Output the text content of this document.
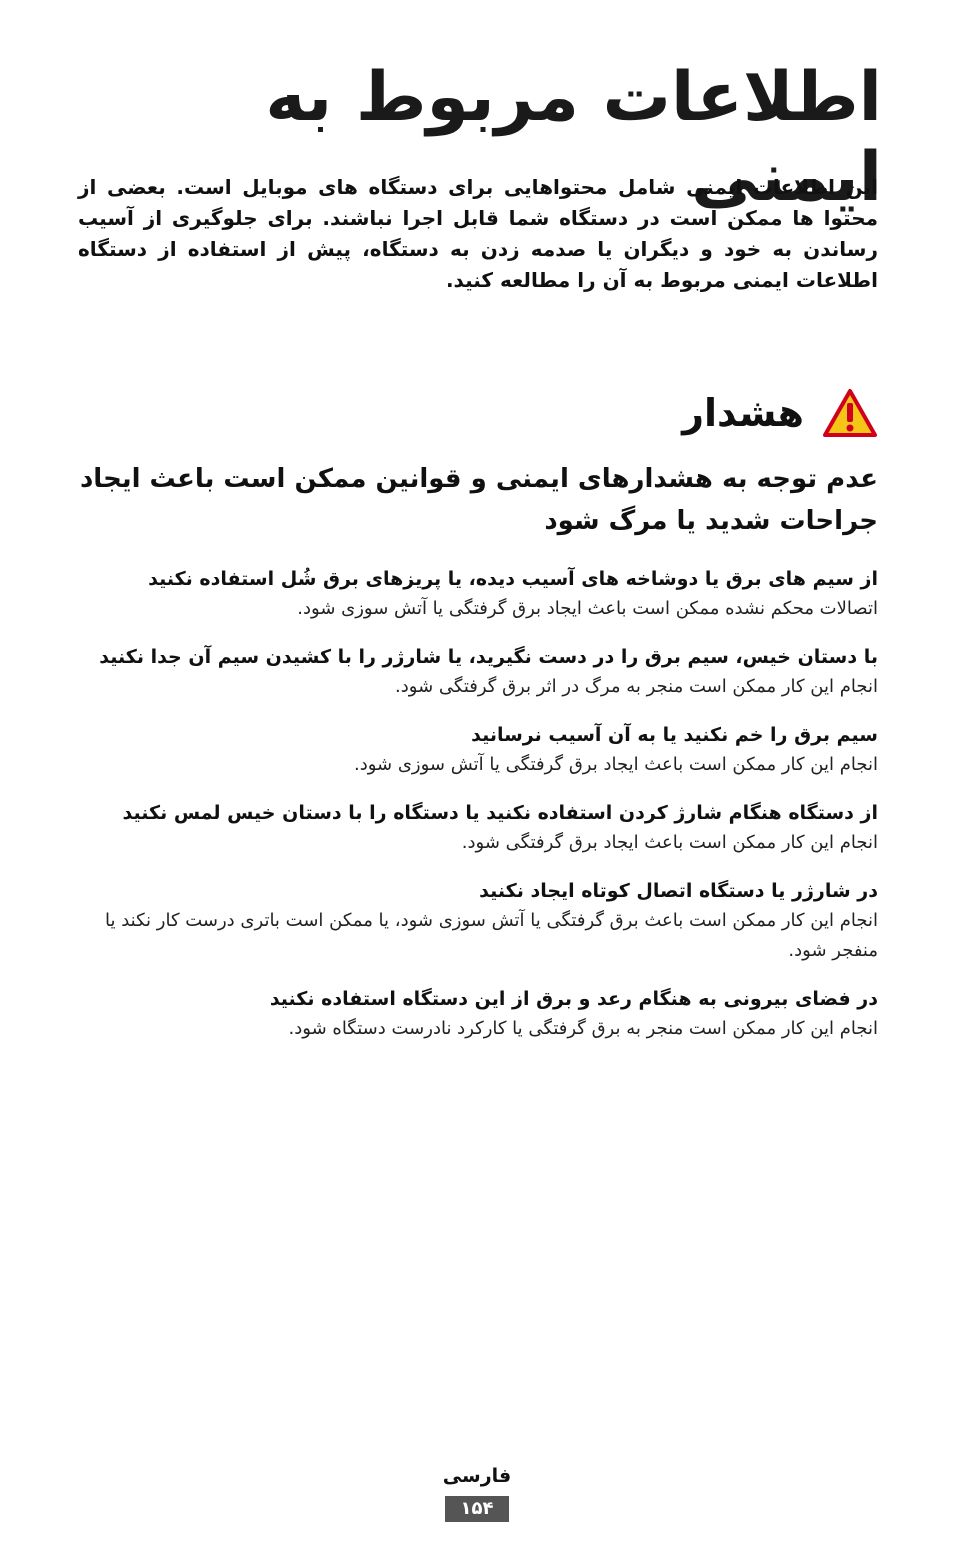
اطلاعات مربوط به ایمنی

این اطلاعات ایمنی شامل محتواهایی برای دستگاه های موبایل است. بعضی از محتوا ها ممکن است در دستگاه شما قابل اجرا نباشند. برای جلوگیری از آسیب رساندن به خود و دیگران یا صدمه زدن به دستگاه، پیش از استفاده از دستگاه اطلاعات ایمنی مربوط به آن را مطالعه کنید.

هشدار

عدم توجه به هشدارهای ایمنی و قوانین ممکن است باعث ایجاد جراحات شدید یا مرگ شود

از سیم های برق یا دوشاخه های آسیب دیده، یا پریزهای برق شُل استفاده نکنید

اتصالات محکم نشده ممکن است باعث ایجاد برق گرفتگی یا آتش سوزی شود.

با دستان خیس، سیم برق را در دست نگیرید، یا شارژر را با کشیدن سیم آن جدا نکنید

انجام این کار ممکن است منجر به مرگ در اثر برق گرفتگی شود.

سیم برق را خم نکنید یا به آن آسیب نرسانید

انجام این کار ممکن است باعث ایجاد برق گرفتگی یا آتش سوزی شود.

از دستگاه هنگام شارژ کردن استفاده نکنید یا دستگاه را با دستان خیس لمس نکنید

انجام این کار ممکن است باعث ایجاد برق گرفتگی شود.

در شارژر یا دستگاه اتصال کوتاه ایجاد نکنید

انجام این کار ممکن است باعث برق گرفتگی یا آتش سوزی شود، یا ممکن است باتری درست کار نکند یا منفجر شود.

در فضای بیرونی به هنگام رعد و برق از این دستگاه استفاده نکنید

انجام این کار ممکن است منجر به برق گرفتگی یا کارکرد نادرست دستگاه شود.

فارسی
۱۵۴
